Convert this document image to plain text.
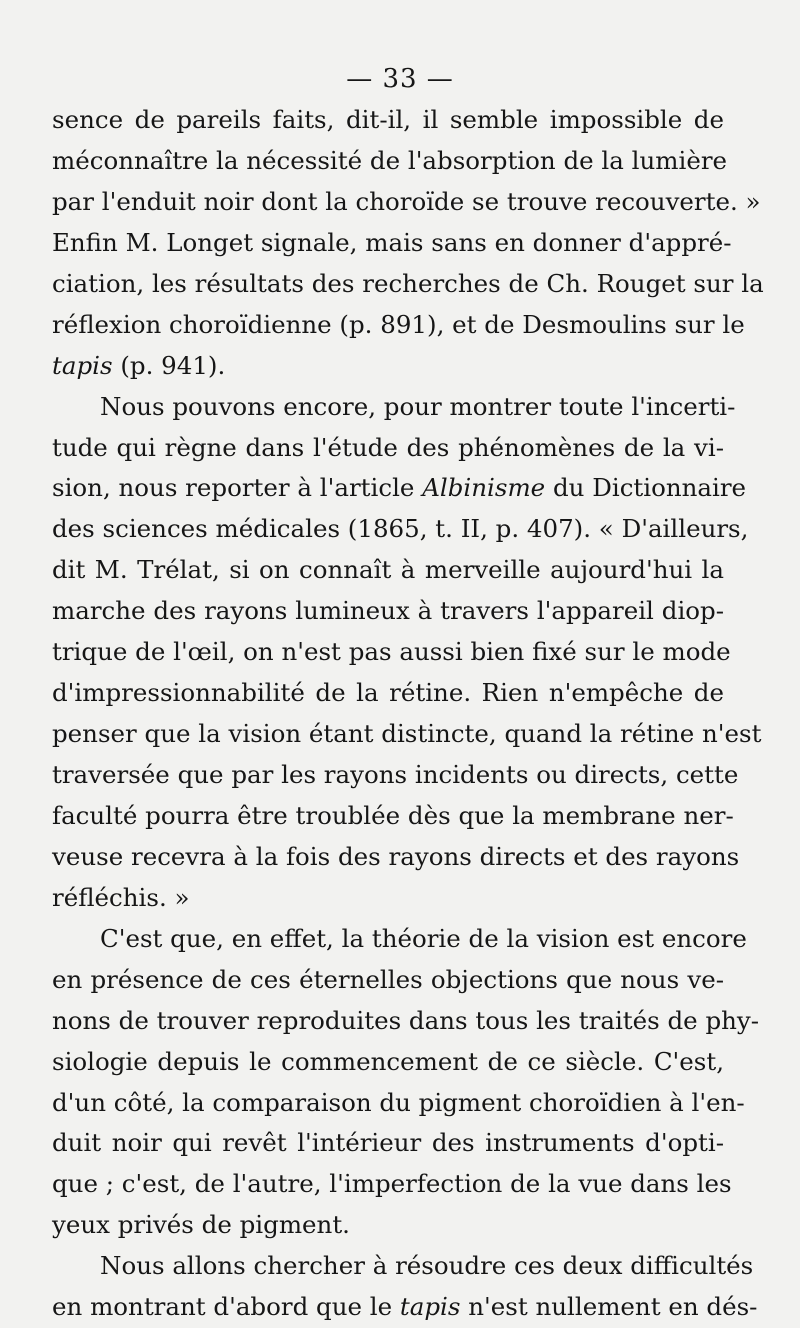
— 33 —
sence de pareils faits, dit-il, il semble impossible de
méconnaître la nécessité de l'absorption de la lumière
par l'enduit noir dont la choroïde se trouve recouverte. »
Enfin M. Longet signale, mais sans en donner d'appré-
ciation, les résultats des recherches de Ch. Rouget sur la
réflexion choroïdienne (p. 891), et de Desmoulins sur le
tapis (p. 941).
Nous pouvons encore, pour montrer toute l'incerti-
tude qui règne dans l'étude des phénomènes de la vi-
sion, nous reporter à l'article Albinisme du Dictionnaire
des sciences médicales (1865, t. II, p. 407). « D'ailleurs,
dit M. Trélat, si on connaît à merveille aujourd'hui la
marche des rayons lumineux à travers l'appareil diop-
trique de l'œil, on n'est pas aussi bien fixé sur le mode
d'impressionnabilité de la rétine. Rien n'empêche de
penser que la vision étant distincte, quand la rétine n'est
traversée que par les rayons incidents ou directs, cette
faculté pourra être troublée dès que la membrane ner-
veuse recevra à la fois des rayons directs et des rayons
réfléchis. »
C'est que, en effet, la théorie de la vision est encore
en présence de ces éternelles objections que nous ve-
nons de trouver reproduites dans tous les traités de phy-
siologie depuis le commencement de ce siècle. C'est,
d'un côté, la comparaison du pigment choroïdien à l'en-
duit noir qui revêt l'intérieur des instruments d'opti-
que ; c'est, de l'autre, l'imperfection de la vue dans les
yeux privés de pigment.
Nous allons chercher à résoudre ces deux difficultés
en montrant d'abord que le tapis n'est nullement en dés-
